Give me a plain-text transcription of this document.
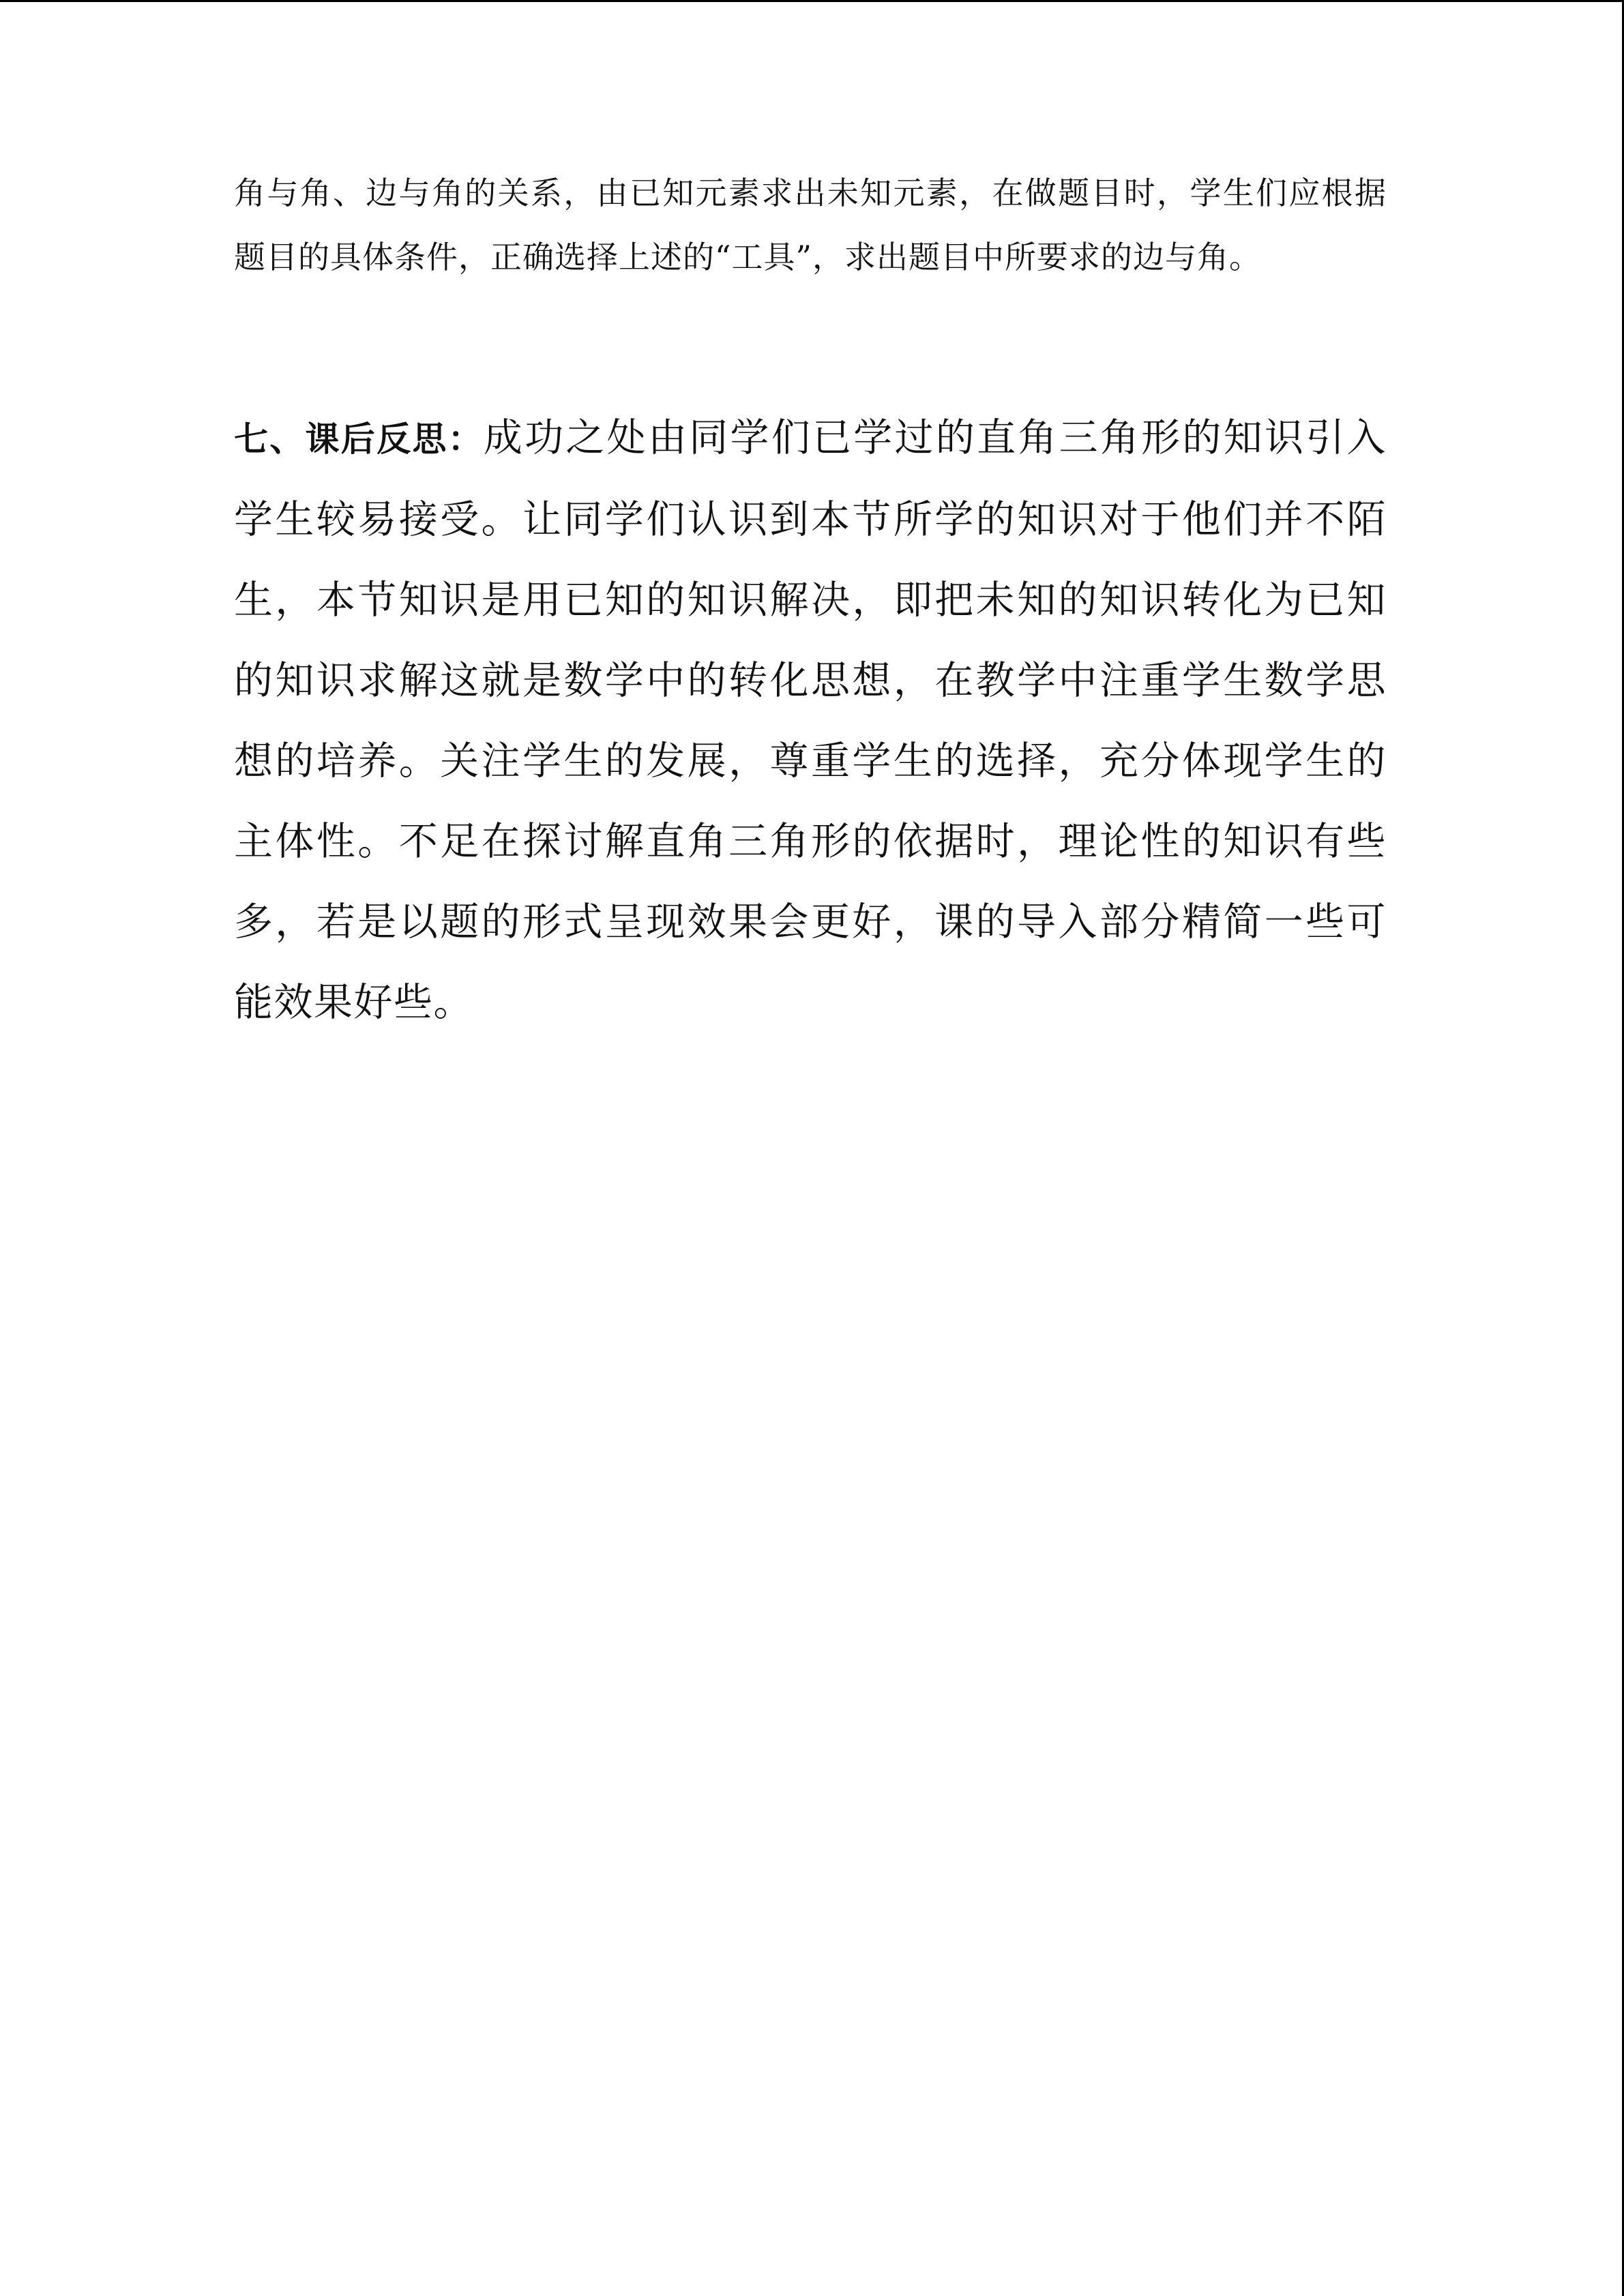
角与角、边与角的关系，由已知元素求出未知元素，在做题目时，学生们应根据题目的具体条件，正确选择上述的“工具”，求出题目中所要求的边与角。

七、课后反思：成功之处由同学们已学过的直角三角形的知识引入学生较易接受。让同学们认识到本节所学的知识对于他们并不陌生，本节知识是用已知的知识解决，即把未知的知识转化为已知的知识求解这就是数学中的转化思想，在教学中注重学生数学思想的培养。关注学生的发展，尊重学生的选择，充分体现学生的主体性。不足在探讨解直角三角形的依据时，理论性的知识有些多，若是以题的形式呈现效果会更好，课的导入部分精简一些可能效果好些。
